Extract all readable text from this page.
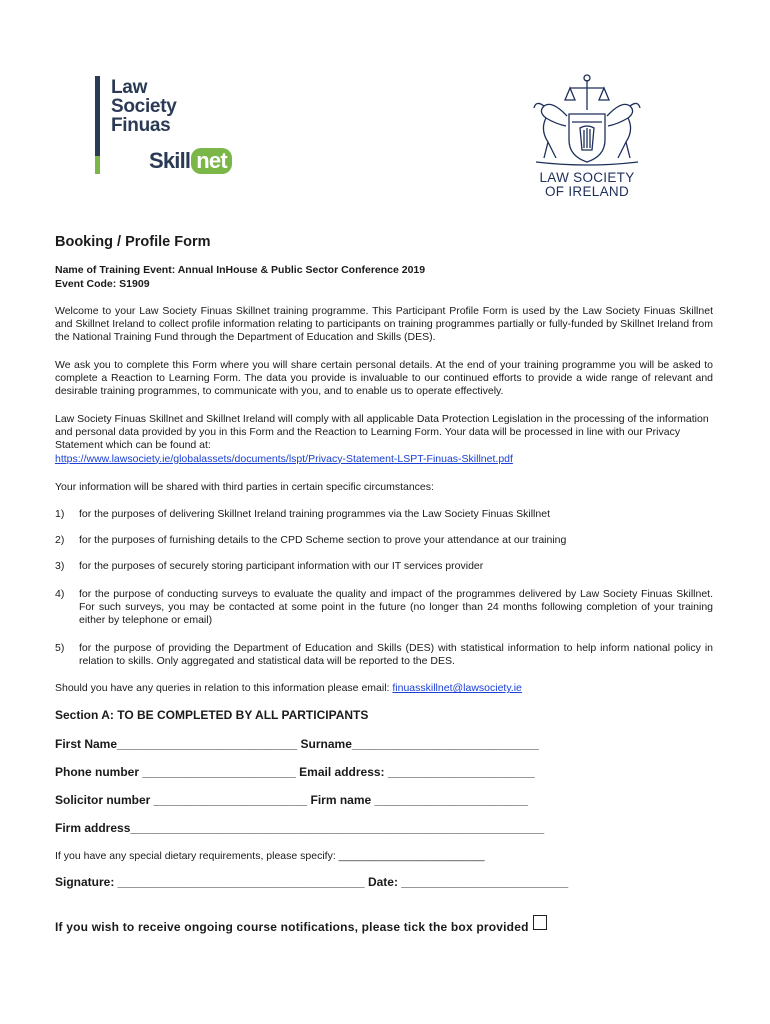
Law
Society
Finuas
Skill net
LAW SOCIETY
OF IRELAND
Booking / Profile Form
Name of Training Event: Annual InHouse & Public Sector Conference 2019
Event Code: S1909
Welcome to your Law Society Finuas Skillnet training programme. This Participant Profile Form is used by the Law Society Finuas Skillnet and Skillnet Ireland to collect profile information relating to participants on training programmes partially or fully-funded by Skillnet Ireland from the National Training Fund through the Department of Education and Skills (DES).
We ask you to complete this Form where you will share certain personal details. At the end of your training programme you will be asked to complete a Reaction to Learning Form. The data you provide is invaluable to our continued efforts to provide a wide range of relevant and desirable training programmes, to communicate with you, and to enable us to operate effectively.
Law Society Finuas Skillnet and Skillnet Ireland will comply with all applicable Data Protection Legislation in the processing of the information and personal data provided by you in this Form and the Reaction to Learning Form. Your data will be processed in line with our Privacy Statement which can be found at:
https://www.lawsociety.ie/globalassets/documents/lspt/Privacy-Statement-LSPT-Finuas-Skillnet.pdf
Your information will be shared with third parties in certain specific circumstances:
1)	for the purposes of delivering Skillnet Ireland training programmes via the Law Society Finuas Skillnet
2)	for the purposes of furnishing details to the CPD Scheme section to prove your attendance at our training
3)	for the purposes of securely storing participant information with our IT services provider
4)	for the purpose of conducting surveys to evaluate the quality and impact of the programmes delivered by Law Society Finuas Skillnet. For such surveys, you may be contacted at some point in the future (no longer than 24 months following completion of your training either by telephone or email)
5)	for the purpose of providing the Department of Education and Skills (DES) with statistical information to help inform national policy in relation to skills. Only aggregated and statistical data will be reported to the DES.
Should you have any queries in relation to this information please email: finuasskillnet@lawsociety.ie
Section A: TO BE COMPLETED BY ALL PARTICIPANTS
First Name___________________________ Surname____________________________
Phone number _______________________ Email address: ______________________
Solicitor number _______________________ Firm name _______________________
Firm address______________________________________________________________
If you have any special dietary requirements, please specify: _________________________
Signature: _____________________________________ Date: _________________________
If you wish to receive ongoing course notifications, please tick the box provided
